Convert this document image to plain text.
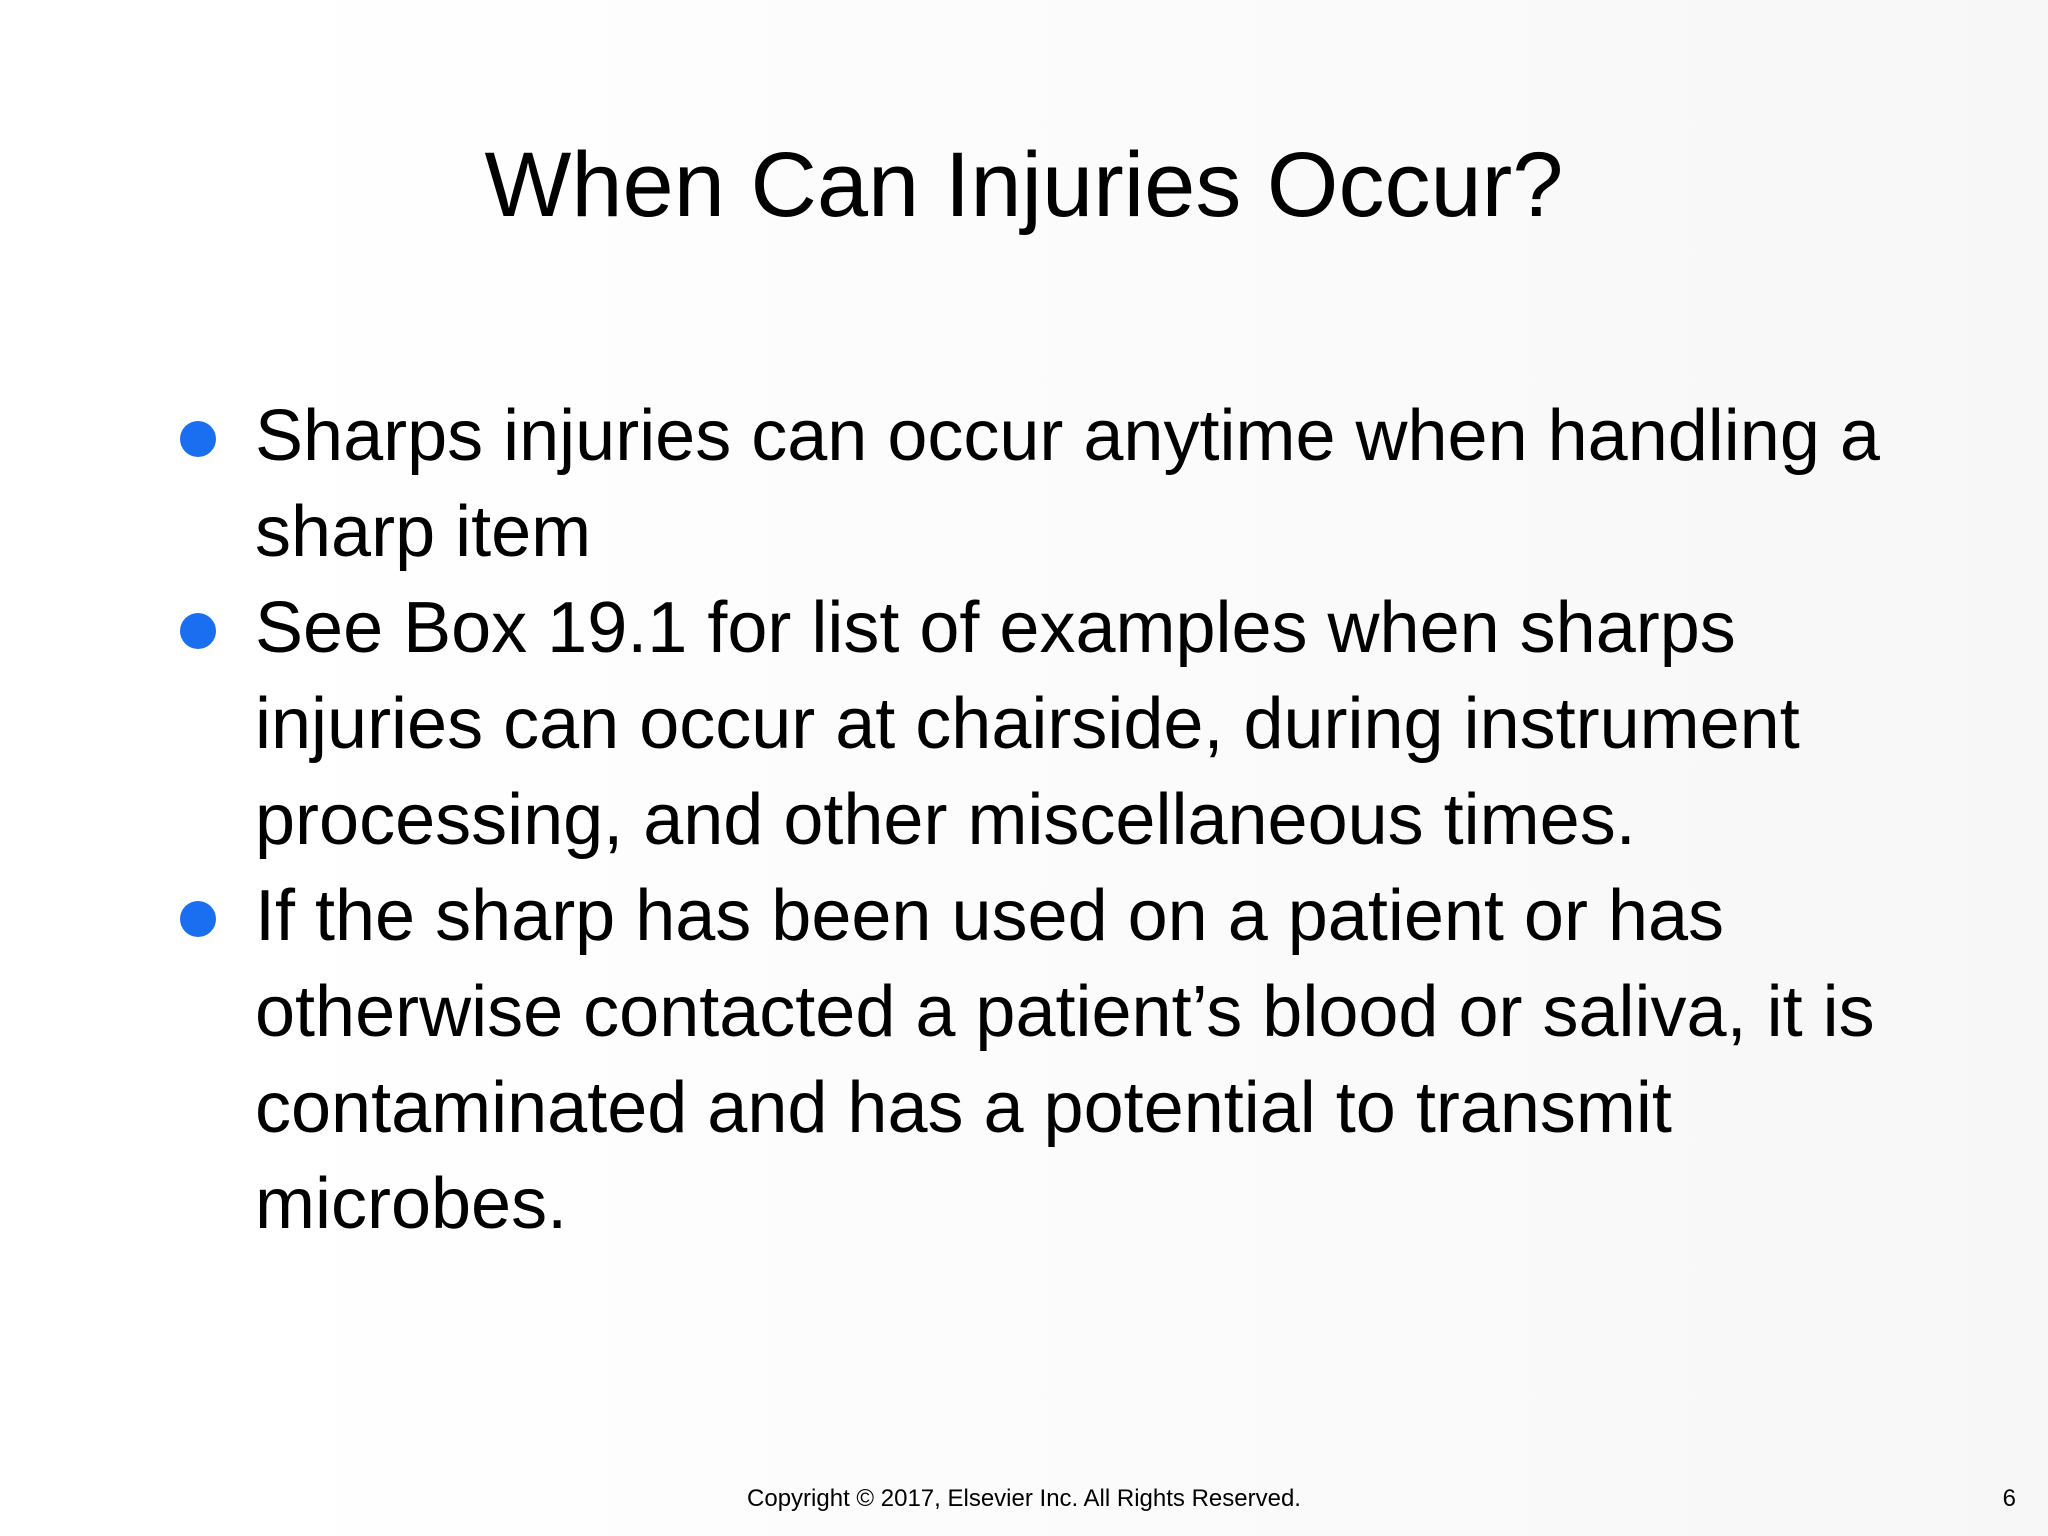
When Can Injuries Occur?
Sharps injuries can occur anytime when handling a sharp item
See Box 19.1 for list of examples when sharps injuries can occur at chairside, during instrument processing, and other miscellaneous times.
If the sharp has been used on a patient or has otherwise contacted a patient’s blood or saliva, it is contaminated and has a potential to transmit microbes.
Copyright © 2017, Elsevier Inc. All Rights Reserved.	6
